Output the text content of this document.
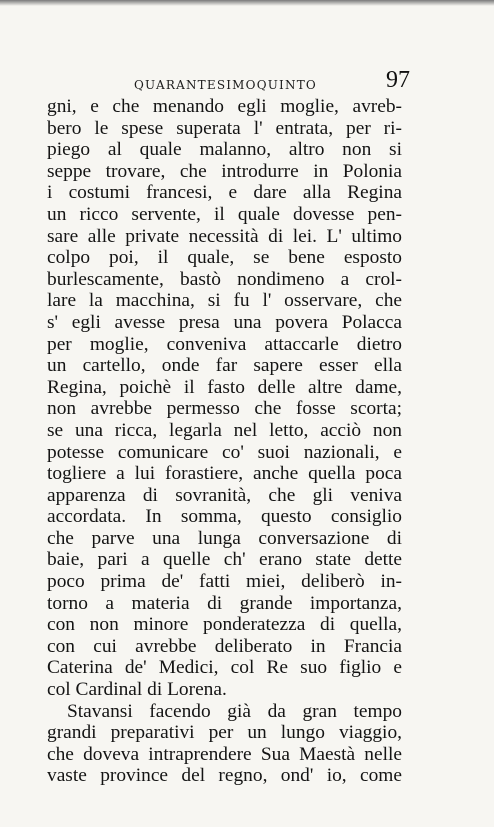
QUARANTESIMOQUINTO	97
gni, e che menando egli moglie, avreb-
bero le spese superata l' entrata, per ri-
piego al quale malanno, altro non si
seppe trovare, che introdurre in Polonia
i costumi francesi, e dare alla Regina
un ricco servente, il quale dovesse pen-
sare alle private necessità di lei. L' ultimo
colpo poi, il quale, se bene esposto
burlescamente, bastò nondimeno a crol-
lare la macchina, si fu l' osservare, che
s' egli avesse presa una povera Polacca
per moglie, conveniva attaccarle dietro
un cartello, onde far sapere esser ella
Regina, poichè il fasto delle altre dame,
non avrebbe permesso che fosse scorta;
se una ricca, legarla nel letto, acciò non
potesse comunicare co' suoi nazionali, e
togliere a lui forastiere, anche quella poca
apparenza di sovranità, che gli veniva
accordata. In somma, questo consiglio
che parve una lunga conversazione di
baie, pari a quelle ch' erano state dette
poco prima de' fatti miei, deliberò in-
torno a materia di grande importanza,
con non minore ponderatezza di quella,
con cui avrebbe deliberato in Francia
Caterina de' Medici, col Re suo figlio e
col Cardinal di Lorena.
Stavansi facendo già da gran tempo
grandi preparativi per un lungo viaggio,
che doveva intraprendere Sua Maestà nelle
vaste province del regno, ond' io, come
